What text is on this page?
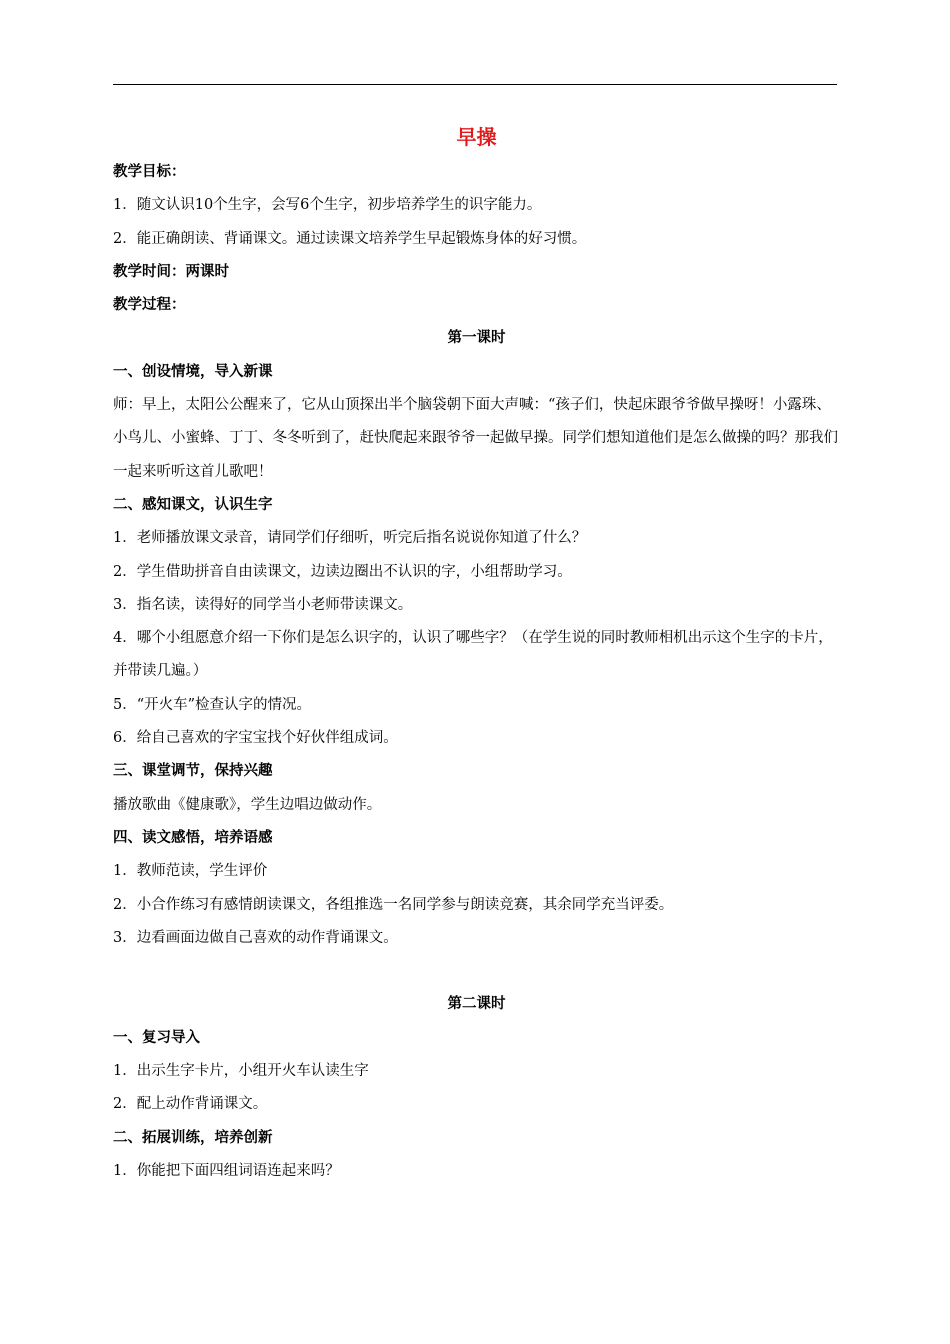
早操

教学目标：

1．随文认识10个生字，会写6个生字，初步培养学生的识字能力。

2．能正确朗读、背诵课文。通过读课文培养学生早起锻炼身体的好习惯。

教学时间：两课时

教学过程：

第一课时

一、创设情境，导入新课

师：早上，太阳公公醒来了，它从山顶探出半个脑袋朝下面大声喊：“孩子们，快起床跟爷爷做早操呀！小露珠、小鸟儿、小蜜蜂、丁丁、冬冬听到了，赶快爬起来跟爷爷一起做早操。同学们想知道他们是怎么做操的吗？那我们一起来听听这首儿歌吧！

二、感知课文，认识生字

1．老师播放课文录音，请同学们仔细听，听完后指名说说你知道了什么？

2．学生借助拼音自由读课文，边读边圈出不认识的字，小组帮助学习。

3．指名读，读得好的同学当小老师带读课文。

4．哪个小组愿意介绍一下你们是怎么识字的，认识了哪些字？（在学生说的同时教师相机出示这个生字的卡片，并带读几遍。）

5．“开火车”检查认字的情况。

6．给自己喜欢的字宝宝找个好伙伴组成词。

三、课堂调节，保持兴趣

播放歌曲《健康歌》，学生边唱边做动作。

四、读文感悟，培养语感

1．教师范读，学生评价

2．小合作练习有感情朗读课文，各组推选一名同学参与朗读竞赛，其余同学充当评委。

3．边看画面边做自己喜欢的动作背诵课文。

第二课时

一、复习导入

1．出示生字卡片，小组开火车认读生字

2．配上动作背诵课文。

二、拓展训练，培养创新

1．你能把下面四组词语连起来吗？
